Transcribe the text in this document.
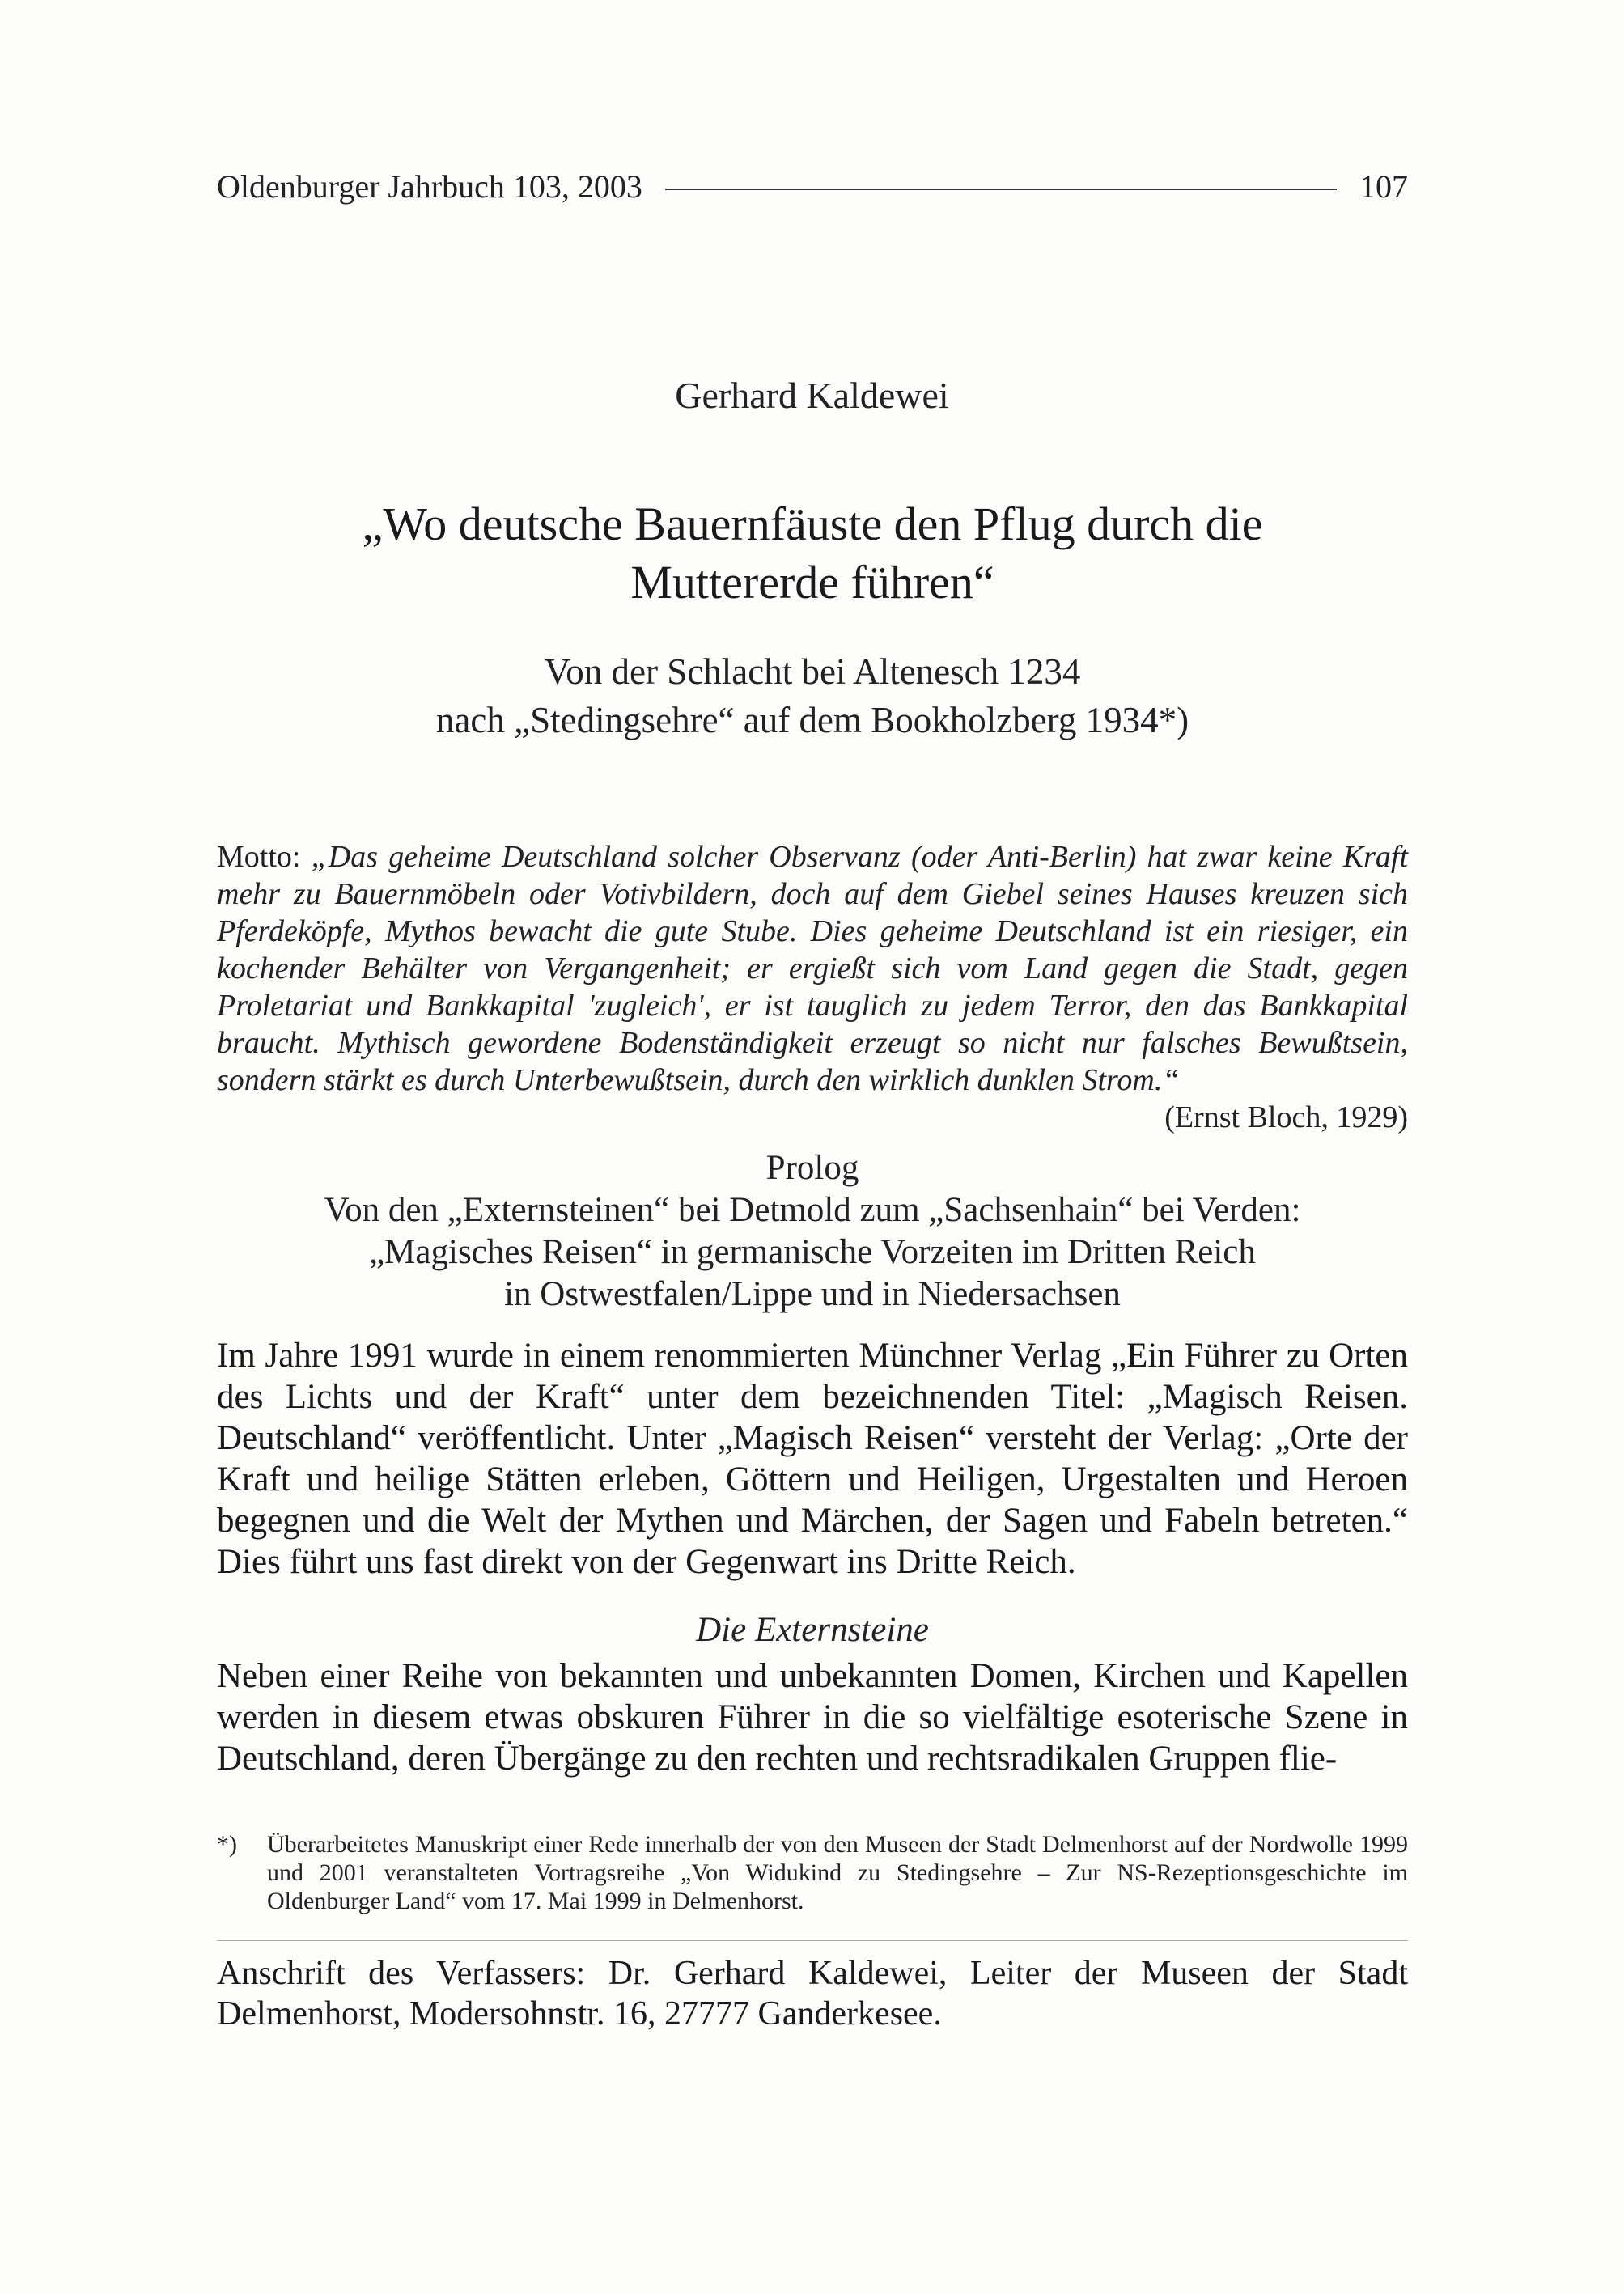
Oldenburger Jahrbuch 103, 2003	107
Gerhard Kaldewei
„Wo deutsche Bauernfäuste den Pflug durch die
Muttererde führen“
Von der Schlacht bei Altenesch 1234
nach „Stedingsehre“ auf dem Bookholzberg 1934*)
Motto: „Das geheime Deutschland solcher Observanz (oder Anti-Berlin) hat zwar keine Kraft mehr zu Bauernmöbeln oder Votivbildern, doch auf dem Giebel seines Hauses kreuzen sich Pferdeköpfe, Mythos bewacht die gute Stube. Dies geheime Deutschland ist ein riesiger, ein kochender Behälter von Vergangenheit; er ergießt sich vom Land gegen die Stadt, gegen Proletariat und Bankkapital 'zugleich', er ist tauglich zu jedem Terror, den das Bankkapital braucht. Mythisch gewordene Bodenständigkeit erzeugt so nicht nur falsches Bewußtsein, sondern stärkt es durch Unterbewußtsein, durch den wirklich dunklen Strom.“
(Ernst Bloch, 1929)
Prolog
Von den „Externsteinen“ bei Detmold zum „Sachsenhain“ bei Verden:
„Magisches Reisen“ in germanische Vorzeiten im Dritten Reich
in Ostwestfalen/Lippe und in Niedersachsen
Im Jahre 1991 wurde in einem renommierten Münchner Verlag „Ein Führer zu Orten des Lichts und der Kraft“ unter dem bezeichnenden Titel: „Magisch Reisen. Deutschland“ veröffentlicht. Unter „Magisch Reisen“ versteht der Verlag: „Orte der Kraft und heilige Stätten erleben, Göttern und Heiligen, Urgestalten und Heroen begegnen und die Welt der Mythen und Märchen, der Sagen und Fabeln betreten.“ Dies führt uns fast direkt von der Gegenwart ins Dritte Reich.
Die Externsteine
Neben einer Reihe von bekannten und unbekannten Domen, Kirchen und Kapellen werden in diesem etwas obskuren Führer in die so vielfältige esoterische Szene in Deutschland, deren Übergänge zu den rechten und rechtsradikalen Gruppen flie-
*)	Überarbeitetes Manuskript einer Rede innerhalb der von den Museen der Stadt Delmenhorst auf der Nordwolle 1999 und 2001 veranstalteten Vortragsreihe „Von Widukind zu Stedingsehre – Zur NS-Rezeptionsgeschichte im Oldenburger Land“ vom 17. Mai 1999 in Delmenhorst.
Anschrift des Verfassers: Dr. Gerhard Kaldewei, Leiter der Museen der Stadt Delmenhorst, Modersohnstr. 16, 27777 Ganderkesee.
